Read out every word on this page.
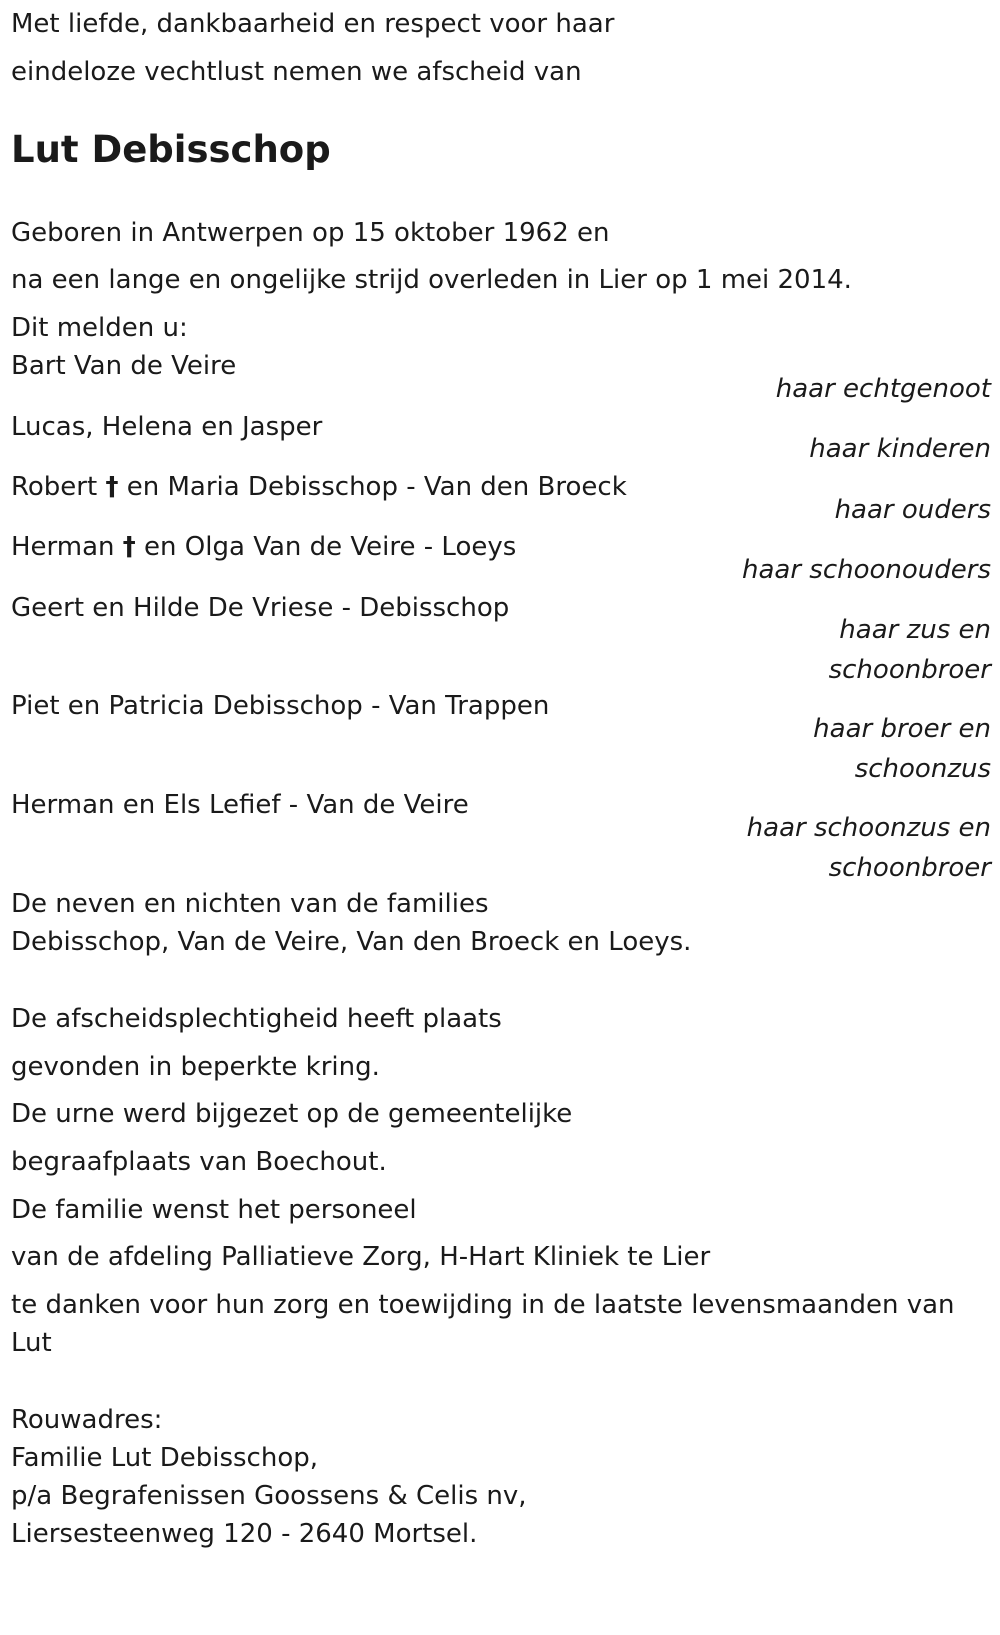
Met liefde, dankbaarheid en respect voor haar
eindeloze vechtlust nemen we afscheid van
Lut Debisschop
Geboren in Antwerpen op 15 oktober 1962 en
na een lange en ongelijke strijd overleden in Lier op 1 mei 2014.
Dit melden u:
Bart Van de Veire
haar echtgenoot
Lucas, Helena en Jasper
haar kinderen
Robert † en Maria Debisschop - Van den Broeck
haar ouders
Herman † en Olga Van de Veire - Loeys
haar schoonouders
Geert en Hilde De Vriese - Debisschop
haar zus en schoonbroer
Piet en Patricia Debisschop - Van Trappen
haar broer en schoonzus
Herman en Els Lefief - Van de Veire
haar schoonzus en schoonbroer
De neven en nichten van de families
Debisschop, Van de Veire, Van den Broeck en Loeys.
De afscheidsplechtigheid heeft plaats
gevonden in beperkte kring.
De urne werd bijgezet op de gemeentelijke
begraafplaats van Boechout.
De familie wenst het personeel
van de afdeling Palliatieve Zorg, H-Hart Kliniek te Lier
te danken voor hun zorg en toewijding in de laatste levensmaanden van
Lut
Rouwadres:
Familie Lut Debisschop,
p/a Begrafenissen Goossens & Celis nv,
Liersesteenweg 120 - 2640 Mortsel.
